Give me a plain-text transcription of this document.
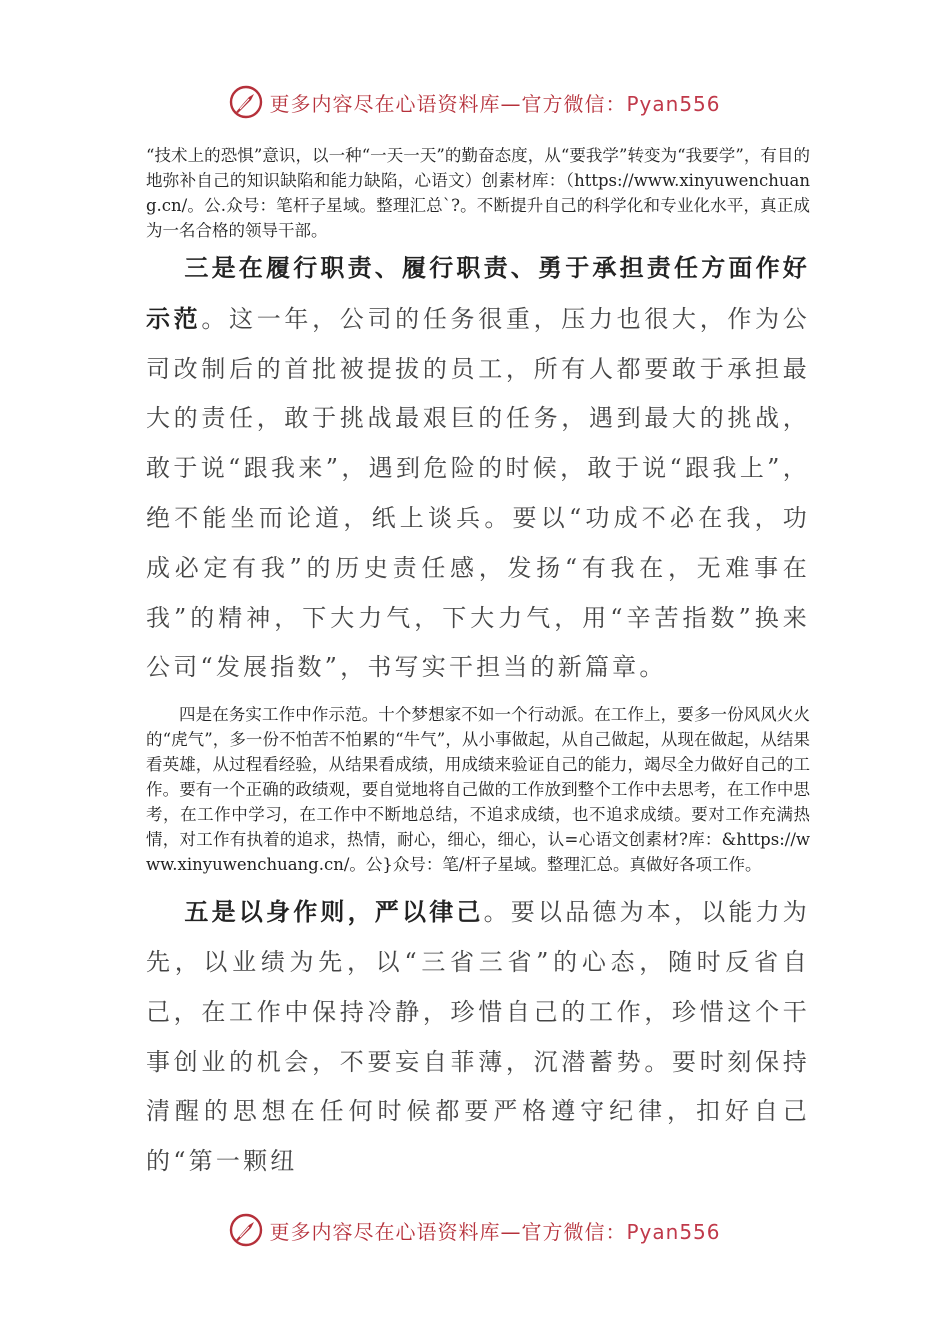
更多内容尽在心语资料库—官方微信：Pyan556

“技术上的恐惧”意识，以一种“一天一天”的勤奋态度，从“要我学”转变为“我要学”，有目的地弥补自己的知识缺陷和能力缺陷，心语文）创素材库：（https://www.xinyuwenchuang.cn/。公.众号：笔杆子星域。整理汇总`?。不断提升自己的科学化和专业化水平，真正成为一名合格的领导干部。

三是在履行职责、履行职责、勇于承担责任方面作好示范。这一年，公司的任务很重，压力也很大，作为公司改制后的首批被提拔的员工，所有人都要敢于承担最大的责任，敢于挑战最艰巨的任务，遇到最大的挑战，敢于说“跟我来”，遇到危险的时候，敢于说“跟我上”，绝不能坐而论道，纸上谈兵。要以“功成不必在我，功成必定有我”的历史责任感，发扬“有我在，无难事在我”的精神，下大力气，下大力气，用“辛苦指数”换来公司“发展指数”，书写实干担当的新篇章。

四是在务实工作中作示范。十个梦想家不如一个行动派。在工作上，要多一份风风火火的“虎气”，多一份不怕苦不怕累的“牛气”，从小事做起，从自己做起，从现在做起，从结果看英雄，从过程看经验，从结果看成绩，用成绩来验证自己的能力，竭尽全力做好自己的工作。要有一个正确的政绩观，要自觉地将自己做的工作放到整个工作中去思考，在工作中思考，在工作中学习，在工作中不断地总结，不追求成绩，也不追求成绩。要对工作充满热情，对工作有执着的追求，热情，耐心，细心，细心，认=心语文创素材?库：&https://www.xinyuwenchuang.cn/。公}众号：笔/杆子星域。整理汇总。真做好各项工作。

五是以身作则，严以律己。要以品德为本，以能力为先，以业绩为先，以“三省三省”的心态，随时反省自己，在工作中保持冷静，珍惜自己的工作，珍惜这个干事创业的机会，不要妄自菲薄，沉潜蓄势。要时刻保持清醒的思想在任何时候都要严格遵守纪律，扣好自己的“第一颗纽

更多内容尽在心语资料库—官方微信：Pyan556
